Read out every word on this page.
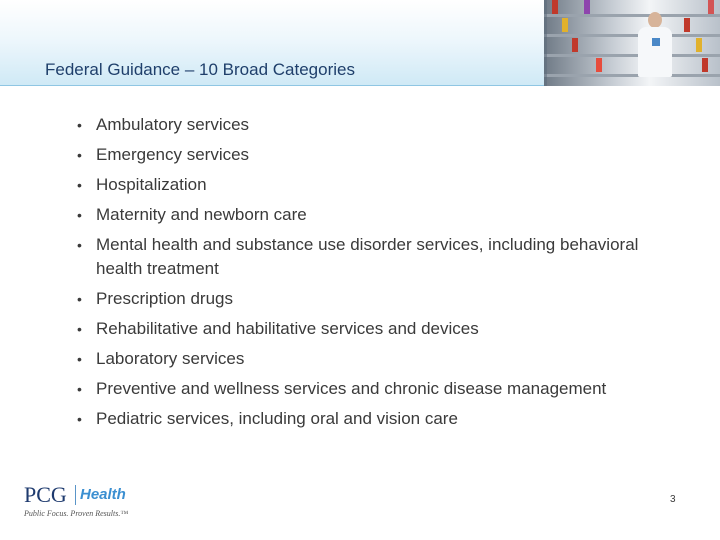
Federal Guidance – 10 Broad Categories
• Ambulatory services
• Emergency services
• Hospitalization
• Maternity and newborn care
• Mental health and substance use disorder services, including behavioral health treatment
• Prescription drugs
• Rehabilitative and habilitative services and devices
• Laboratory services
• Preventive and wellness services and chronic disease management
• Pediatric services, including oral and vision care
PCG Health
Public Focus. Proven Results.™
3
